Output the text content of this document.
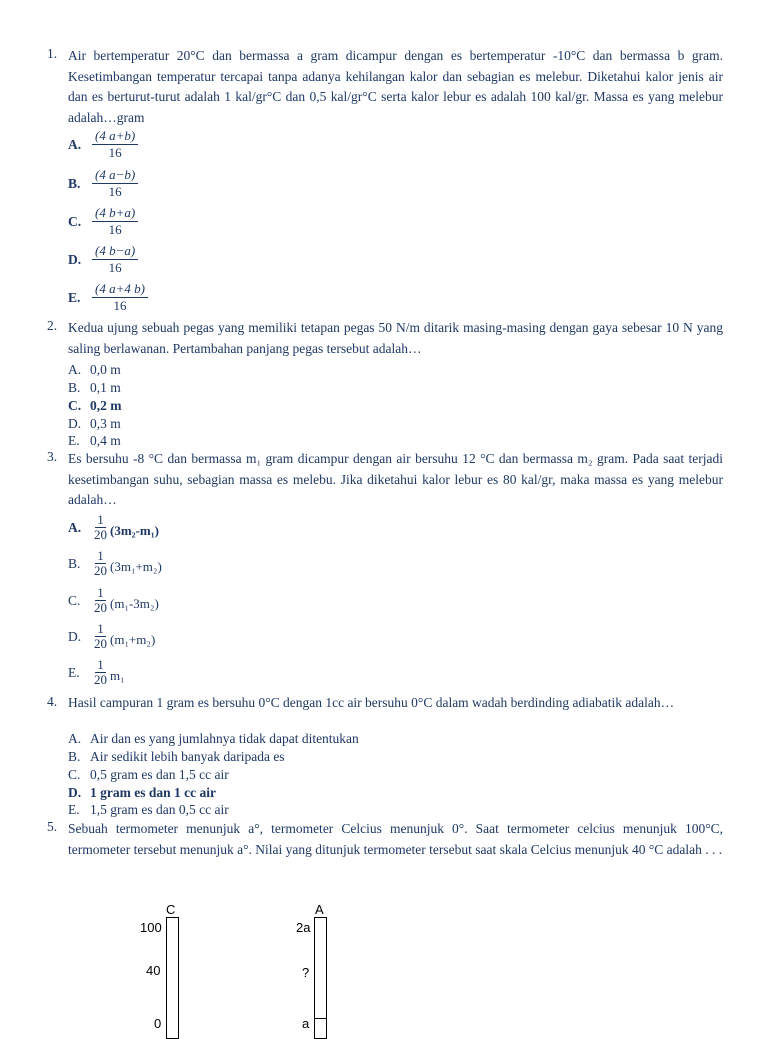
1. Air bertemperatur 20°C dan bermassa a gram dicampur dengan es bertemperatur -10°C dan bermassa b gram. Kesetimbangan temperatur tercapai tanpa adanya kehilangan kalor dan sebagian es melebur. Diketahui kalor jenis air dan es berturut-turut adalah 1 kal/gr°C dan 0,5 kal/gr°C serta kalor lebur es adalah 100 kal/gr. Massa es yang melebur adalah…gram
A. $\frac{(4 a+b)}{16}$
B. $\frac{(4 a-b)}{16}$
C. $\frac{(4 b+a)}{16}$
D. $\frac{(4 b-a)}{16}$
E. $\frac{(4 a+4 b)}{16}$
2. Kedua ujung sebuah pegas yang memiliki tetapan pegas 50 N/m ditarik masing-masing dengan gaya sebesar 10 N yang saling berlawanan. Pertambahan panjang pegas tersebut adalah…
A. 0,0 m
B. 0,1 m
C. 0,2 m
D. 0,3 m
E. 0,4 m
3. Es bersuhu -8 °C dan bermassa m₁ gram dicampur dengan air bersuhu 12 °C dan bermassa m₂ gram. Pada saat terjadi kesetimbangan suhu, sebagian massa es melebu. Jika diketahui kalor lebur es 80 kal/gr, maka massa es yang melebur adalah…
A.	1
20 (3m₂-m₁)
B.	1
20 (3m₁+m₂)
C.	1
20 (m₁-3m₂)
D.	1
20 (m₁+m₂)
E.	1
20 m₁
4. Hasil campuran 1 gram es bersuhu 0°C dengan 1cc air bersuhu 0°C dalam wadah berdinding adiabatik adalah…
A. Air dan es yang jumlahnya tidak dapat ditentukan
B. Air sedikit lebih banyak daripada es
C. 0,5 gram es dan 1,5 cc air
D. 1 gram es dan 1 cc air
E. 1,5 gram es dan 0,5 cc air
5. Sebuah termometer menunjuk a°, termometer Celcius menunjuk 0°. Saat termometer celcius menunjuk 100°C, termometer tersebut menunjuk a°. Nilai yang ditunjuk termometer tersebut saat skala Celcius menunjuk 40 °C adalah . . .
C
100
40
0
A
2a
?
a
